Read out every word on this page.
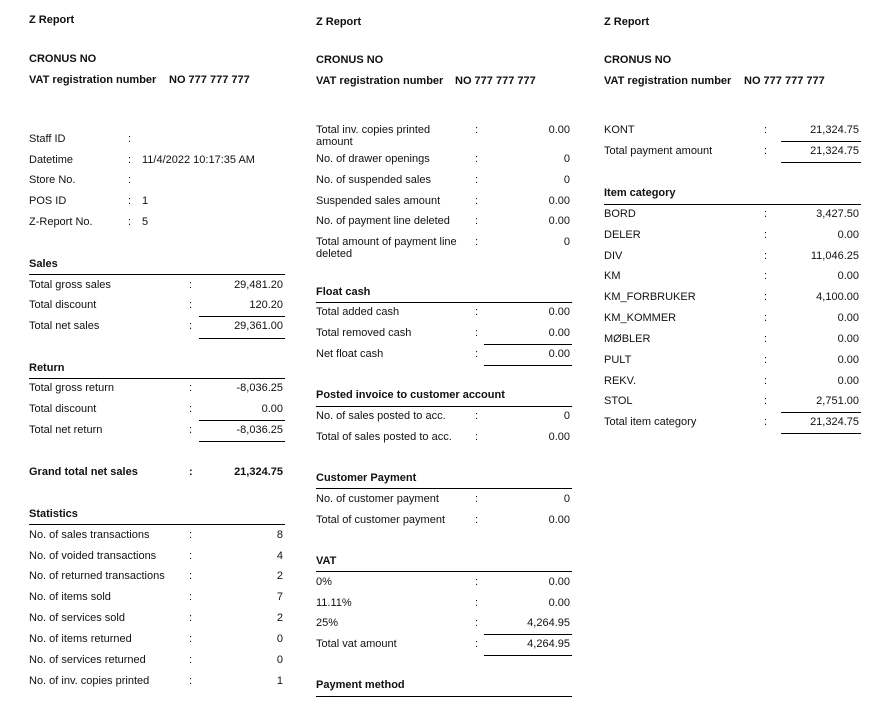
Z Report
CRONUS NO
VAT registration number NO 777 777 777
Staff ID	:
Datetime	: 11/4/2022 10:17:35 AM
Store No.	:
POS ID	: 1
Z-Report No.	: 5
Sales
Total gross sales	:	29,481.20
Total discount	:	120.20
Total net sales	:	29,361.00
Return
Total gross return	:	-8,036.25
Total discount	:	0.00
Total net return	:	-8,036.25
Grand total net sales	:	21,324.75
Statistics
No. of sales transactions	:	8
No. of voided transactions	:	4
No. of returned transactions :	2
No. of items sold	:	7
No. of services sold	:	2
No. of items returned	:	0
No. of services returned	:	0
No. of inv. copies printed	:	1
Z Report
CRONUS NO
VAT registration number NO 777 777 777
Total inv. copies printed amount
:	0.00
No. of drawer openings	:	0
No. of suspended sales	:	0
Suspended sales amount	:	0.00
No. of payment line deleted :	0.00
Total amount of payment line deleted
:	0
Float cash
Total added cash	:	0.00
Total removed cash	:	0.00
Net float cash	:	0.00
Posted invoice to customer account
No. of sales posted to acc.	:	0
Total of sales posted to acc. :	0.00
Customer Payment
No. of customer payment	:	0
Total of customer payment	:	0.00
VAT
0%	:	0.00
11.11%	:	0.00
25%	:	4,264.95
Total vat amount	:	4,264.95
Payment method
Z Report
CRONUS NO
VAT registration number NO 777 777 777
KONT	:	21,324.75
Total payment amount	:	21,324.75
Item category
BORD	:	3,427.50
DELER	:	0.00
DIV	:	11,046.25
KM	:	0.00
KM_FORBRUKER	:	4,100.00
KM_KOMMER	:	0.00
MØBLER	:	0.00
PULT	:	0.00
REKV.	:	0.00
STOL	:	2,751.00
Total item category	:	21,324.75
